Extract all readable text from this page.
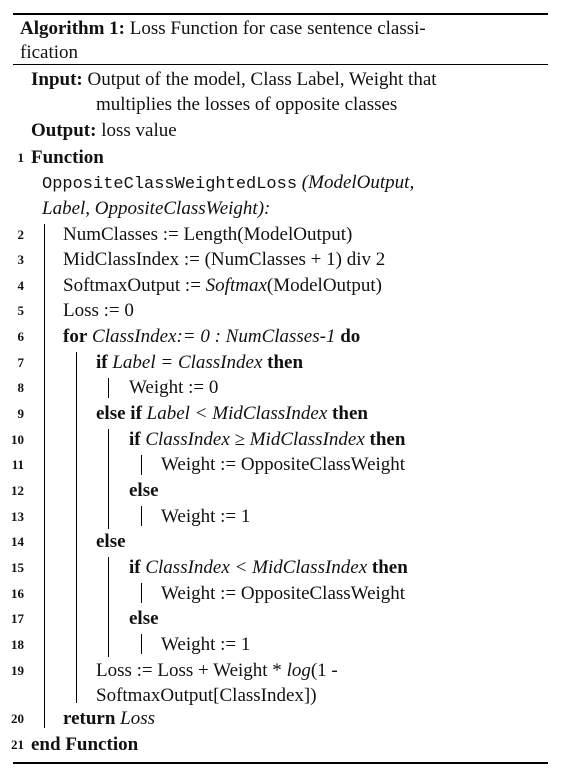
Algorithm 1: Loss Function for case sentence classi-
fication
Input: Output of the model, Class Label, Weight that
multiplies the losses of opposite classes
Output: loss value
1
2
3
4
5
6
7
8
9
10
11
12
13
14
15
16
17
18
19
20
21
Function
OppositeClassWeightedLoss (ModelOutput,
Label, OppositeClassWeight):
NumClasses := Length(ModelOutput)
MidClassIndex := (NumClasses + 1) div 2
SoftmaxOutput := Softmax(ModelOutput)
Loss := 0
for ClassIndex:= 0 : NumClasses-1 do
if Label = ClassIndex then
Weight := 0
else if Label < MidClassIndex then
if ClassIndex ≥ MidClassIndex then
Weight := OppositeClassWeight
else
Weight := 1
else
if ClassIndex < MidClassIndex then
Weight := OppositeClassWeight
else
Weight := 1
Loss := Loss + Weight * log(1 -
SoftmaxOutput[ClassIndex])
return Loss
end Function
